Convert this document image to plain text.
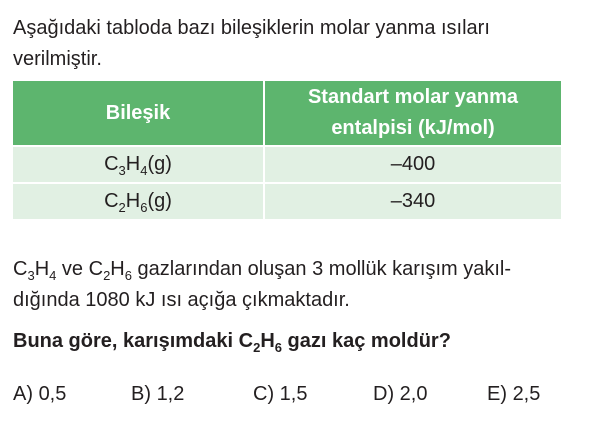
Aşağıdaki tabloda bazı bileşiklerin molar yanma ısıları verilmiştir.

Bileşik	Standart molar yanma
entalpisi (kJ/mol)
$C_3H_4(g)$	–400
$C_2H_6(g)$	–340

$C_3H_4$ ve $C_2H_6$ gazlarından oluşan 3 mollük karışım yakıl-
dığında 1080 kJ ısı açığa çıkmaktadır.

Buna göre, karışımdaki $C_2H_6$ gazı kaç moldür?

A) 0,5	B) 1,2	C) 1,5	D) 2,0	E) 2,5
